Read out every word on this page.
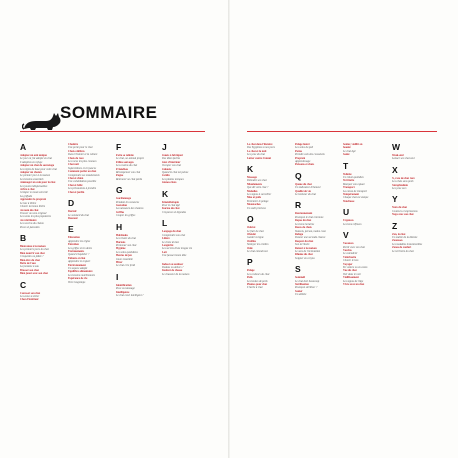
SOMMAIRE
A
Adoptez un ami unique
Le jour où j'ai adopté un chat
L'adoption en refuge
Adoptez un chat de sauvetage
Les règles de base pour votre chat
Adopter un chaton
Le premier jour à la maison
Les besoins essentiels
Aménager un coin pour le chat
Les jouets indispensables
Arbre à chat
Grimper en toute sécurité
La griffade
Apprendre la propreté
Le bac à litière
Choisir la bonne litière
Au nom du chat
Trouver un nom original
Les noms les plus populaires
Au vétérinaire
Les vaccins du chaton
Puces et parasites
B
Bienvenue à la maison
Les premiers jours du chat
Bien nourrir son chat
Croquettes ou pâtée ?
Bien-être du chat
Boire de l'eau
La fontaine à eau
Brosser son chat
Bien jouer avec son chat
C
Caresser son chat
Les zones à éviter
Chat d'intérieur
Chatière
Une porte pour le chat
Chats célèbres
Dans l'histoire et la culture
Chats de race
Les races les plus connues
Chat noir
Superstitions et croyances
Comment parler au chat
Comprendre ses miaulements
Chat et chien
Une cohabitation possible
Chat et bébé
Les précautions à prendre
Chat et jardin
D
Dormir
Le sommeil du chat
Douceur
E
Éducation
Apprendre les règles
Entretien
Les griffes et les dents
Éternuements
Quand s'inquiéter ?
Enfants et chat
Apprendre le respect
Environnement
Un espace adapté
Équilibre alimentaire
Les besoins nutritionnels
Espérance de vie
Vivre longtemps
F
Faire sa toilette
Le chat, un animal propre
Félins sauvages
Les cousins du chat
Friandises
Récompenser son chat
Fugue
Retrouver un chat perdu
G
Gardiennage
Pendant les vacances
Gestation
La naissance des chatons
Griffes
Couper les griffes
H
Habitudes
Les rituels du chat
Harnais
Promener son chat
Hygiène
Les soins quotidiens
Heures de jeu
Jouer ensemble
Hiver
Le chat et le froid
I
Identification
Puce ou tatouage
Intelligence
Le chat est-il intelligent ?
J
Jouets à fabriquer
Des idées faciles
Jeux d'intérieur
Occuper son chat
Jalousie
Quand le chat est jaloux
Jardin
Les plantes toxiques
Jeunes chats
K
Kinésithérapie
Pour le chat âgé
Karma du chat
Croyances et légendes
L
Langage du chat
Comprendre son chat
Litière
Le choix du bac
Longévité
Les secrets d'une longue vie
Lait
Une fausse bonne idée
Indoor ou outdoor
Dedans ou dehors ?
Instinct de chasse
Le chasseur de la maison
Le chat dans l'histoire
Des Égyptiens à nos jours
Le chat et la nuit
Les yeux du chat
Lutter contre l'ennui
K
Massage
Détendre son chat
Miaulements
Que dit votre chat ?
Maladies
Les signes à surveiller
Mue et poils
Entretenir le pelage
Moustaches
Un outil précieux
O
Odorat
Le flair du chat
Obésité
Garder la ligne
Oreilles
Nettoyer les oreilles
Ouïe
Le chat entend tout
P
Pelage
Les couleurs du chat
Poils
Les boules de poils
Plantes pour chat
L'herbe à chat
Pelage lustré
Les soins du poil
Pattes
Prendre soin des coussinets
Propreté
Apprentissage
Poissons et chats
Q
Queue du chat
Un indicateur d'humeur
Qualité de vie
Le bonheur du chat
R
Ronronnement
Pourquoi le chat ronronne
Repas du chat
Les bons horaires
Races de chats
Siamois, persan, maine coon
Refuge
Donner une seconde chance
Respect du chat
Son territoire
Retour à la maison
Le sens de l'orientation
Rhume du chat
Soigner un coryza
S
Sommeil
Le chat dort beaucoup
Stérilisation
Pourquoi stériliser ?
Sauter
Un athlète
Senior, vieillir en
beauté
Le chat âgé
Santé
T
Toilette
Un rituel quotidien
Territoire
Marquer son espace
Transport
La caisse de transport
Tempérament
Chaque chat est unique
Tendresse
U
Urgences
Les bons réflexes
V
Vacances
Partir avec son chat
Vaccins
Le calendrier
Vétérinaire
Choisir le bon
Voyager
En voiture ou en avion
Vue du chat
Voir dans le noir
Vieillissement
Les signes de l'âge
Vivre avec un chat
W
Week-end
Laisser son chat seul
X
X, race de chat rare
Les chats sans poils
Xérophtalmie
Les yeux secs
Y
Yeux du chat
Couleurs et expressions
Yoga avec son chat
Z
Zen, le chat
Un maître de la détente
Zoonoses
Les maladies transmissibles
Zones de confort
Le territoire du chat
